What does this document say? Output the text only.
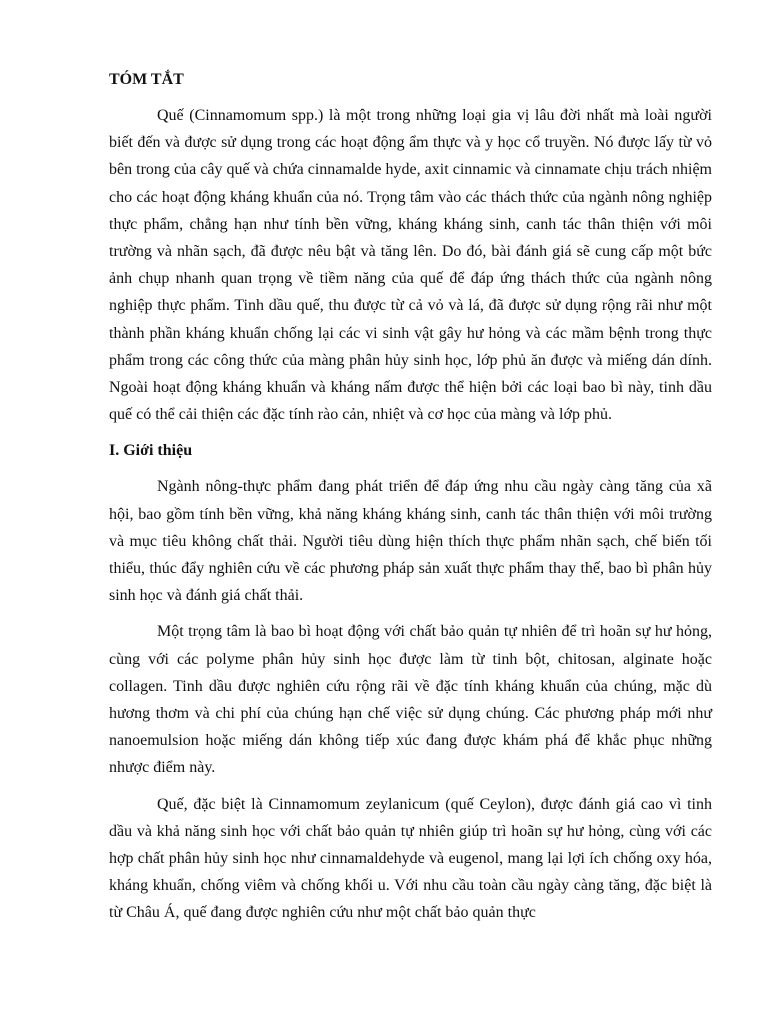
TÓM TẮT

Quế (Cinnamomum spp.) là một trong những loại gia vị lâu đời nhất mà loài người biết đến và được sử dụng trong các hoạt động ẩm thực và y học cổ truyền. Nó được lấy từ vỏ bên trong của cây quế và chứa cinnamalde hyde, axit cinnamic và cinnamate chịu trách nhiệm cho các hoạt động kháng khuẩn của nó. Trọng tâm vào các thách thức của ngành nông nghiệp thực phẩm, chẳng hạn như tính bền vững, kháng kháng sinh, canh tác thân thiện với môi trường và nhãn sạch, đã được nêu bật và tăng lên. Do đó, bài đánh giá sẽ cung cấp một bức ảnh chụp nhanh quan trọng về tiềm năng của quế để đáp ứng thách thức của ngành nông nghiệp thực phẩm. Tinh dầu quế, thu được từ cả vỏ và lá, đã được sử dụng rộng rãi như một thành phần kháng khuẩn chống lại các vi sinh vật gây hư hỏng và các mầm bệnh trong thực phẩm trong các công thức của màng phân hủy sinh học, lớp phủ ăn được và miếng dán dính. Ngoài hoạt động kháng khuẩn và kháng nấm được thể hiện bởi các loại bao bì này, tinh dầu quế có thể cải thiện các đặc tính rào cản, nhiệt và cơ học của màng và lớp phủ.

I. Giới thiệu

Ngành nông-thực phẩm đang phát triển để đáp ứng nhu cầu ngày càng tăng của xã hội, bao gồm tính bền vững, khả năng kháng kháng sinh, canh tác thân thiện với môi trường và mục tiêu không chất thải. Người tiêu dùng hiện thích thực phẩm nhãn sạch, chế biến tối thiểu, thúc đẩy nghiên cứu về các phương pháp sản xuất thực phẩm thay thế, bao bì phân hủy sinh học và đánh giá chất thải.

Một trọng tâm là bao bì hoạt động với chất bảo quản tự nhiên để trì hoãn sự hư hỏng, cùng với các polyme phân hủy sinh học được làm từ tinh bột, chitosan, alginate hoặc collagen. Tinh dầu được nghiên cứu rộng rãi về đặc tính kháng khuẩn của chúng, mặc dù hương thơm và chi phí của chúng hạn chế việc sử dụng chúng. Các phương pháp mới như nanoemulsion hoặc miếng dán không tiếp xúc đang được khám phá để khắc phục những nhược điểm này.

Quế, đặc biệt là Cinnamomum zeylanicum (quế Ceylon), được đánh giá cao vì tinh dầu và khả năng sinh học với chất bảo quản tự nhiên giúp trì hoãn sự hư hỏng, cùng với các hợp chất phân hủy sinh học như cinnamaldehyde và eugenol, mang lại lợi ích chống oxy hóa, kháng khuẩn, chống viêm và chống khối u. Với nhu cầu toàn cầu ngày càng tăng, đặc biệt là từ Châu Á, quế đang được nghiên cứu như một chất bảo quản thực
